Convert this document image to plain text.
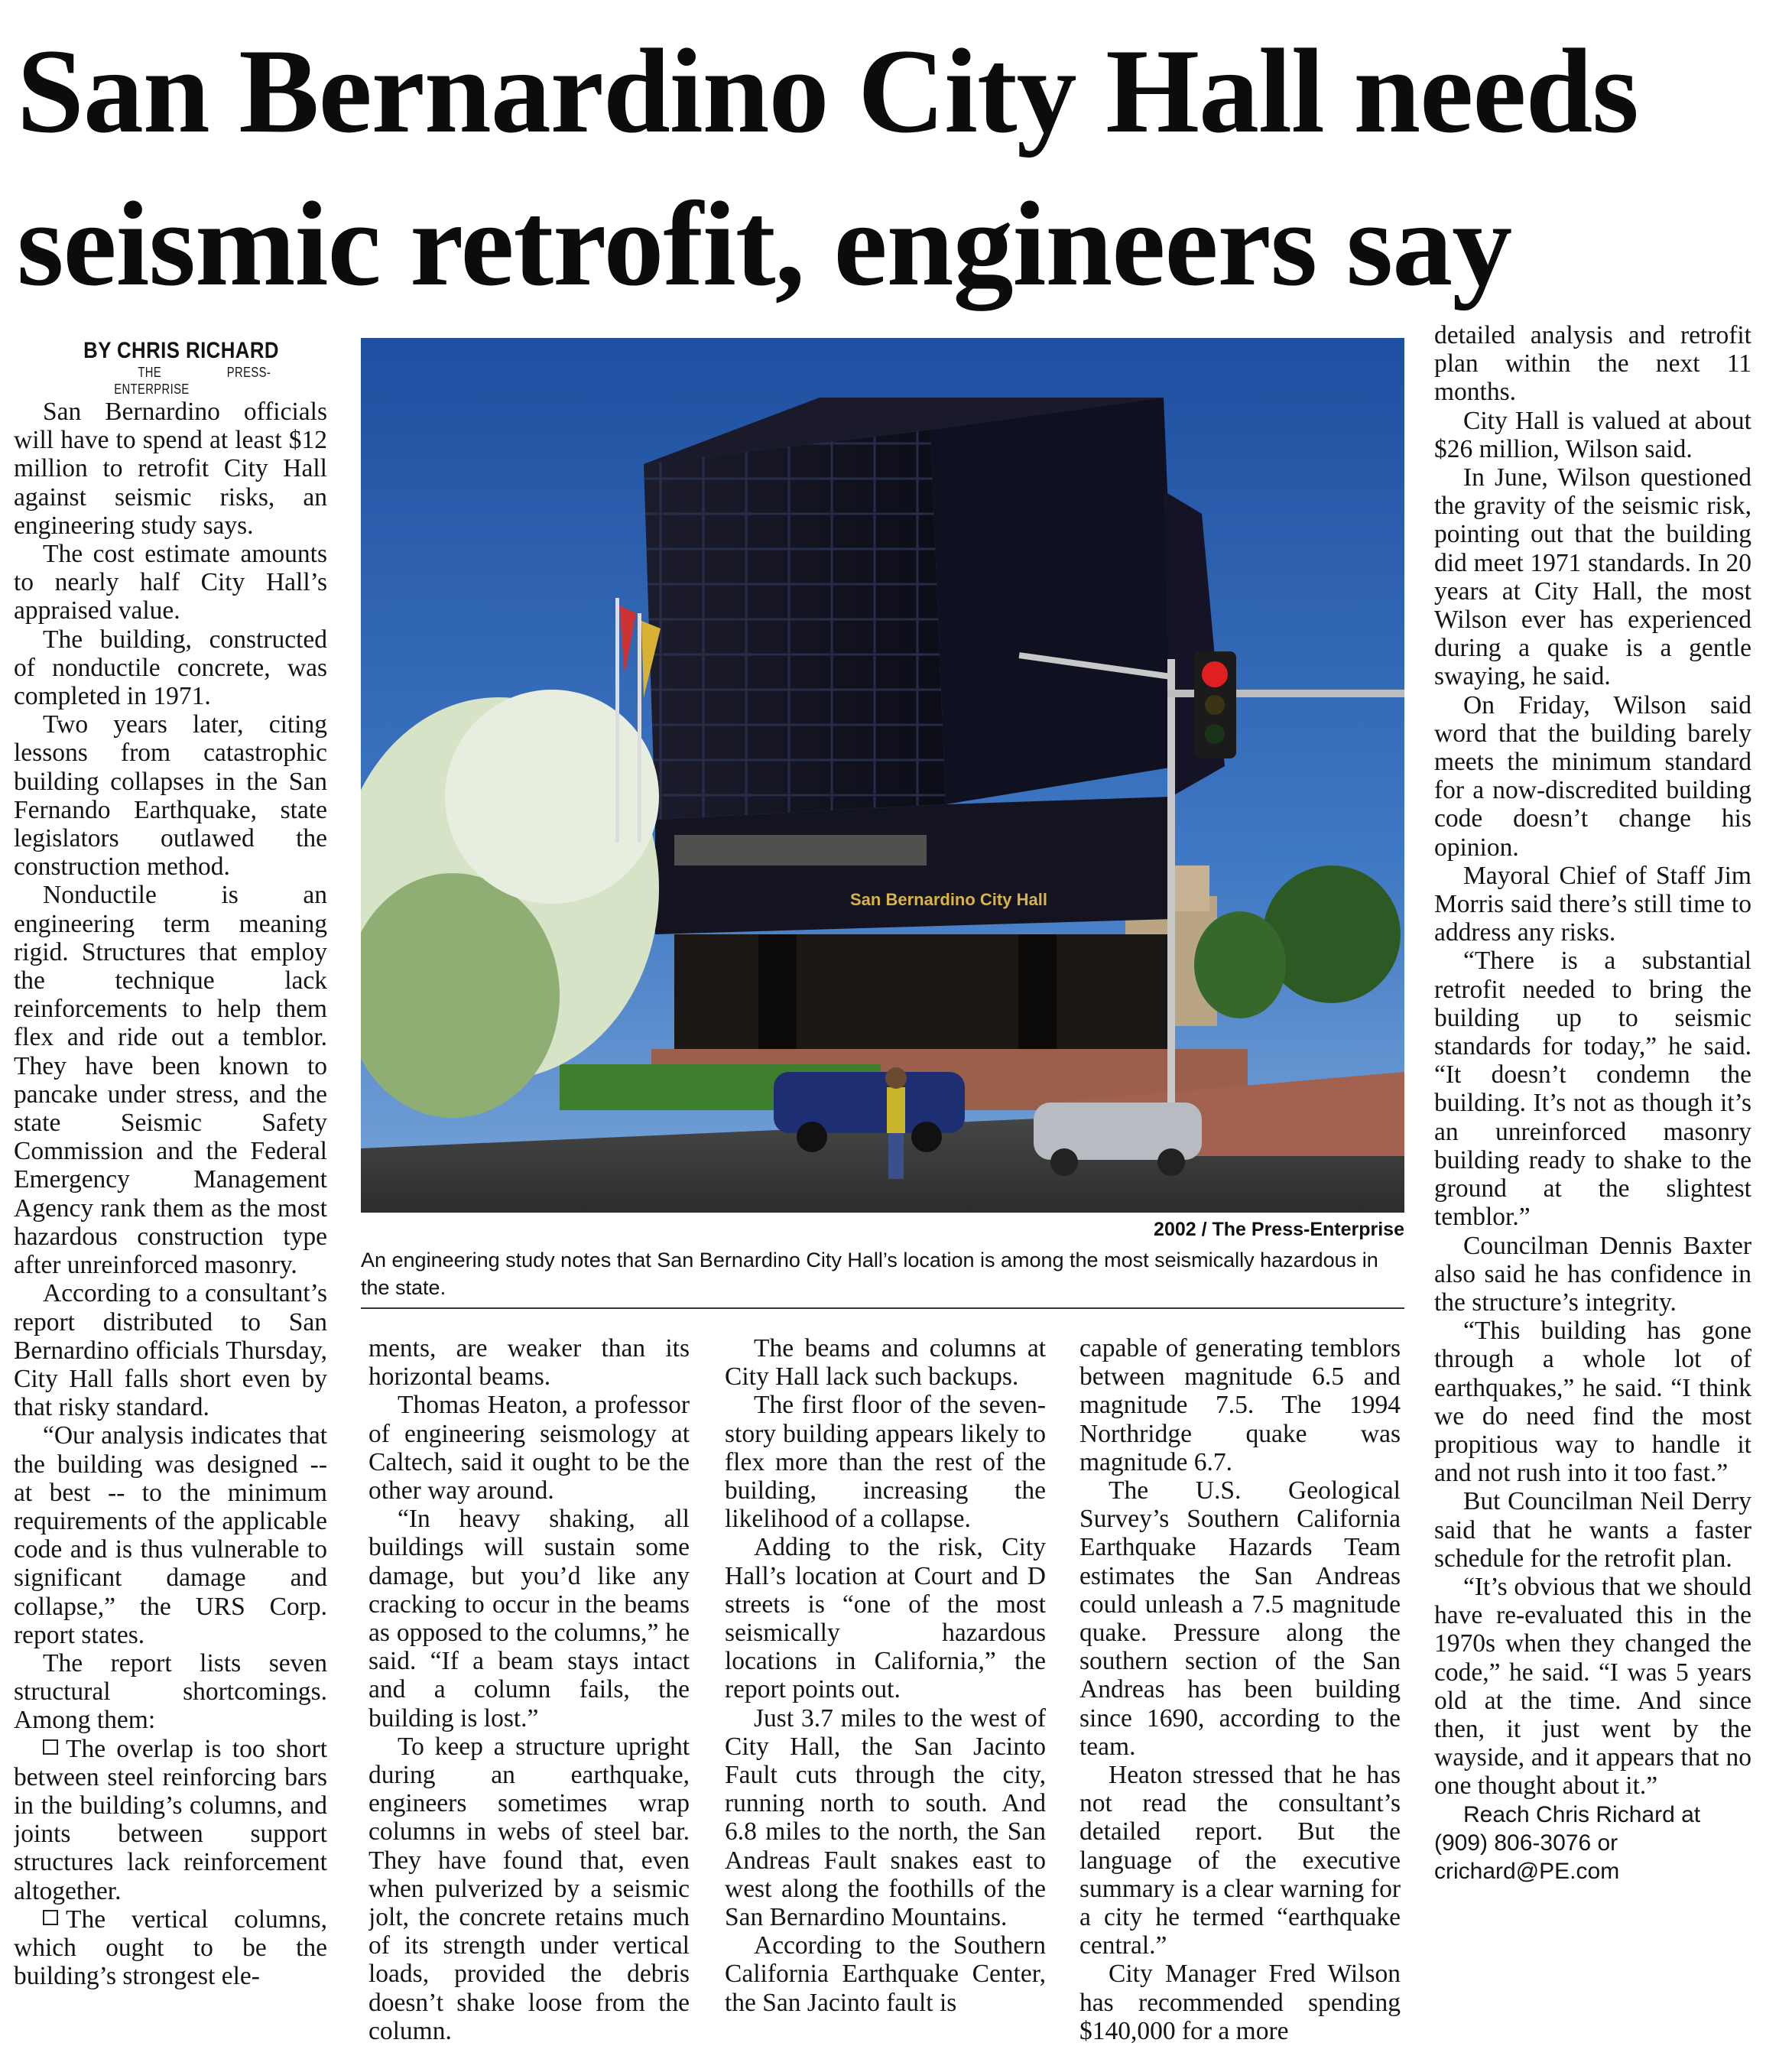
San Bernardino City Hall needs
seismic retrofit, engineers say

BY CHRIS RICHARD

THE PRESS-ENTERPRISE

San Bernardino officials will have to spend at least $12 million to retrofit City Hall against seismic risks, an engineering study says.

The cost estimate amounts to nearly half City Hall’s appraised value.

The building, constructed of nonductile concrete, was completed in 1971.

Two years later, citing lessons from catastrophic building collapses in the San Fernando Earthquake, state legislators outlawed the construction method.

Nonductile is an engineering term meaning rigid. Structures that employ the technique lack reinforcements to help them flex and ride out a temblor. They have been known to pancake under stress, and the state Seismic Safety Commission and the Federal Emergency Management Agency rank them as the most hazardous construction type after unreinforced masonry.

According to a consultant’s report distributed to San Bernardino officials Thursday, City Hall falls short even by that risky standard.

“Our analysis indicates that the building was designed -- at best -- to the minimum requirements of the applicable code and is thus vulnerable to significant damage and collapse,” the URS Corp. report states.

The report lists seven structural shortcomings. Among them:

The overlap is too short between steel reinforcing bars in the building’s columns, and joints between support structures lack reinforcement altogether.

The vertical columns, which ought to be the building’s strongest ele-

San Bernardino City Hall
2002 / The Press-Enterprise
An engineering study notes that San Bernardino City Hall’s location is among the most seismically hazardous in the state.

ments, are weaker than its horizontal beams.

Thomas Heaton, a professor of engineering seismology at Caltech, said it ought to be the other way around.

“In heavy shaking, all buildings will sustain some damage, but you’d like any cracking to occur in the beams as opposed to the columns,” he said. “If a beam stays intact and a column fails, the building is lost.”

To keep a structure upright during an earthquake, engineers sometimes wrap columns in webs of steel bar. They have found that, even when pulverized by a seismic jolt, the concrete retains much of its strength under vertical loads, provided the debris doesn’t shake loose from the column.

The beams and columns at City Hall lack such backups.

The first floor of the seven-story building appears likely to flex more than the rest of the building, increasing the likelihood of a collapse.

Adding to the risk, City Hall’s location at Court and D streets is “one of the most seismically hazardous locations in California,” the report points out.

Just 3.7 miles to the west of City Hall, the San Jacinto Fault cuts through the city, running north to south. And 6.8 miles to the north, the San Andreas Fault snakes east to west along the foothills of the San Bernardino Mountains.

According to the Southern California Earthquake Center, the San Jacinto fault is

capable of generating temblors between magnitude 6.5 and magnitude 7.5. The 1994 Northridge quake was magnitude 6.7.

The U.S. Geological Survey’s Southern California Earthquake Hazards Team estimates the San Andreas could unleash a 7.5 magnitude quake. Pressure along the southern section of the San Andreas has been building since 1690, according to the team.

Heaton stressed that he has not read the consultant’s detailed report. But the language of the executive summary is a clear warning for a city he termed “earthquake central.”

City Manager Fred Wilson has recommended spending $140,000 for a more

detailed analysis and retrofit plan within the next 11 months.

City Hall is valued at about $26 million, Wilson said.

In June, Wilson questioned the gravity of the seismic risk, pointing out that the building did meet 1971 standards. In 20 years at City Hall, the most Wilson ever has experienced during a quake is a gentle swaying, he said.

On Friday, Wilson said word that the building barely meets the minimum standard for a now-discredited building code doesn’t change his opinion.

Mayoral Chief of Staff Jim Morris said there’s still time to address any risks.

“There is a substantial retrofit needed to bring the building up to seismic standards for today,” he said. “It doesn’t condemn the building. It’s not as though it’s an unreinforced masonry building ready to shake to the ground at the slightest temblor.”

Councilman Dennis Baxter also said he has confidence in the structure’s integrity.

“This building has gone through a whole lot of earthquakes,” he said. “I think we do need find the most propitious way to handle it and not rush into it too fast.”

But Councilman Neil Derry said that he wants a faster schedule for the retrofit plan.

“It’s obvious that we should have re-evaluated this in the 1970s when they changed the code,” he said. “I was 5 years old at the time. And since then, it just went by the wayside, and it appears that no one thought about it.”

Reach Chris Richard at (909) 806-3076 or crichard@PE.com
